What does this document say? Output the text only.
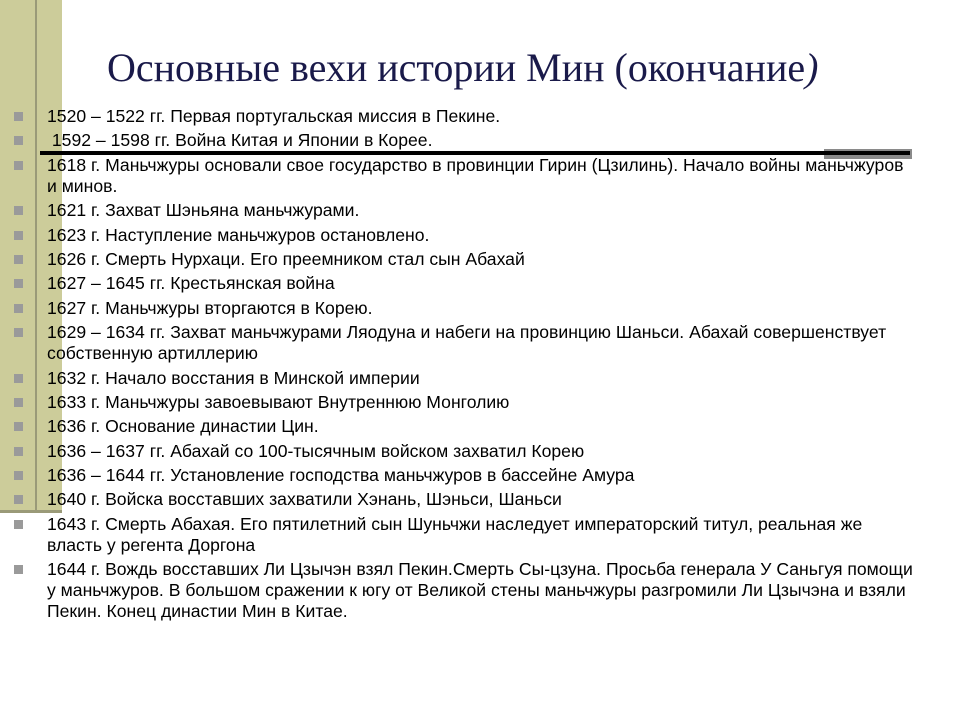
Основные вехи истории Мин (окончание)
1520 – 1522 гг. Первая португальская миссия в Пекине.
1592 – 1598 гг. Война Китая и Японии в Корее.
1618 г. Маньчжуры основали свое государство в провинции Гирин (Цзилинь). Начало войны маньчжуров и минов.
1621 г. Захват Шэньяна маньчжурами.
1623 г. Наступление маньчжуров остановлено.
1626 г. Смерть Нурхаци. Его преемником стал сын Абахай
1627 – 1645 гг. Крестьянская война
1627 г. Маньчжуры вторгаются в Корею.
1629 – 1634 гг. Захват маньчжурами Ляодуна и набеги на провинцию Шаньси. Абахай совершенствует собственную артиллерию
1632 г. Начало восстания в Минской империи
1633 г. Маньчжуры завоевывают Внутреннюю Монголию
1636 г. Основание династии Цин.
1636 – 1637 гг. Абахай со 100-тысячным войском захватил Корею
1636 – 1644 гг. Установление господства маньчжуров в бассейне Амура
1640 г. Войска восставших захватили Хэнань, Шэньси, Шаньси
1643 г. Смерть Абахая. Его пятилетний сын Шуньчжи наследует императорский титул, реальная же власть у регента Доргона
1644 г. Вождь восставших Ли Цзычэн взял Пекин.Смерть Сы-цзуна. Просьба генерала У Саньгуя помощи у маньчжуров. В большом сражении к югу от Великой стены маньчжуры разгромили Ли Цзычэна и взяли Пекин. Конец династии Мин в Китае.
